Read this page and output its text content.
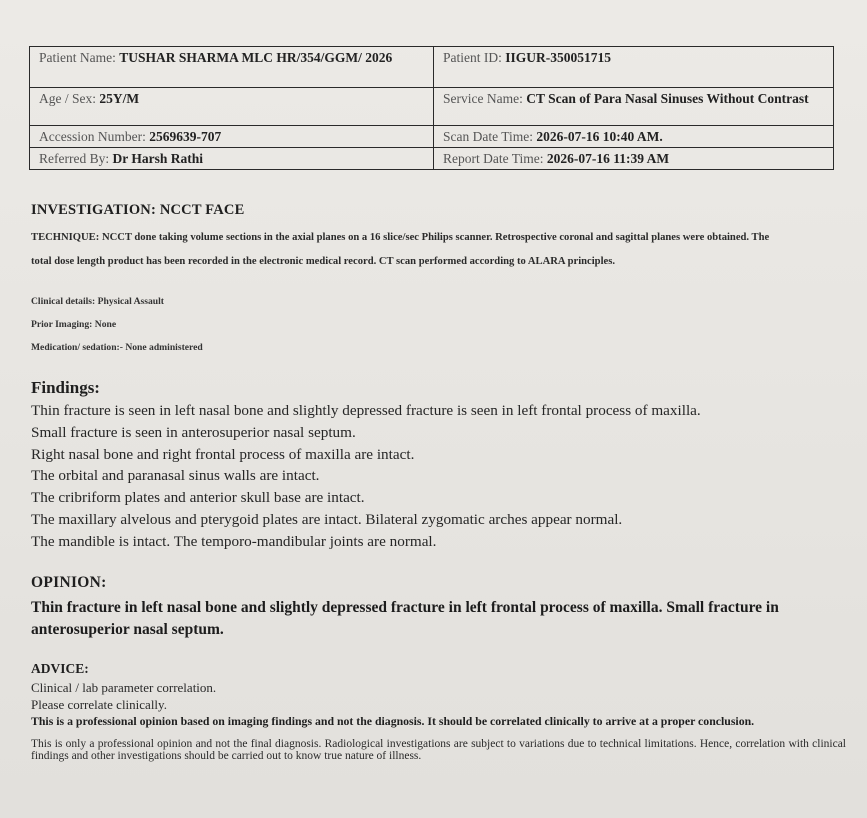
Patient Name: TUSHAR SHARMA MLC HR/354/GGM/ 2026	Patient ID: IIGUR-350051715
Age / Sex: 25Y/M	Service Name: CT Scan of Para Nasal Sinuses Without Contrast
Accession Number: 2569639-707	Scan Date Time: 2026-07-16 10:40 AM.
Referred By: Dr Harsh Rathi	Report Date Time: 2026-07-16 11:39 AM
INVESTIGATION: NCCT FACE
TECHNIQUE: NCCT done taking volume sections in the axial planes on a 16 slice/sec Philips scanner. Retrospective coronal and sagittal planes were obtained. The
total dose length product has been recorded in the electronic medical record. CT scan performed according to ALARA principles.
Clinical details: Physical Assault
Prior Imaging: None
Medication/ sedation:- None administered
Findings:
Thin fracture is seen in left nasal bone and slightly depressed fracture is seen in left frontal process of maxilla.
Small fracture is seen in anterosuperior nasal septum.
Right nasal bone and right frontal process of maxilla are intact.
The orbital and paranasal sinus walls are intact.
The cribriform plates and anterior skull base are intact.
The maxillary alvelous and pterygoid plates are intact. Bilateral zygomatic arches appear normal.
The mandible is intact. The temporo-mandibular joints are normal.
OPINION:
Thin fracture in left nasal bone and slightly depressed fracture in left frontal process of maxilla. Small fracture in anterosuperior nasal septum.
ADVICE:
Clinical / lab parameter correlation.
Please correlate clinically.
This is a professional opinion based on imaging findings and not the diagnosis. It should be correlated clinically to arrive at a proper conclusion.
This is only a professional opinion and not the final diagnosis. Radiological investigations are subject to variations due to technical limitations. Hence, correlation with clinical findings and other investigations should be carried out to know true nature of illness.
